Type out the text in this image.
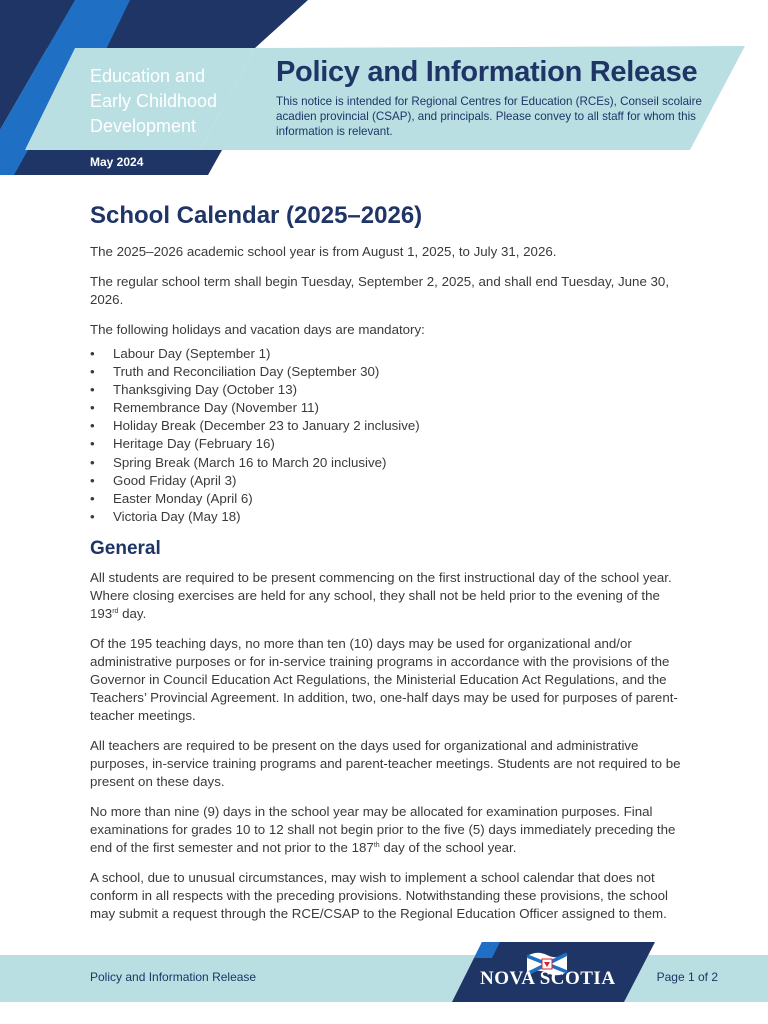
Education and Early Childhood Development
May 2024
Policy and Information Release

This notice is intended for Regional Centres for Education (RCEs), Conseil scolaire acadien provincial (CSAP), and principals. Please convey to all staff for whom this information is relevant.

School Calendar (2025–2026)

The 2025–2026 academic school year is from August 1, 2025, to July 31, 2026.

The regular school term shall begin Tuesday, September 2, 2025, and shall end Tuesday, June 30, 2026.

The following holidays and vacation days are mandatory:

• Labour Day (September 1)
• Truth and Reconciliation Day (September 30)
• Thanksgiving Day (October 13)
• Remembrance Day (November 11)
• Holiday Break (December 23 to January 2 inclusive)
• Heritage Day (February 16)
• Spring Break (March 16 to March 20 inclusive)
• Good Friday (April 3)
• Easter Monday (April 6)
• Victoria Day (May 18)
General

All students are required to be present commencing on the first instructional day of the school year. Where closing exercises are held for any school, they shall not be held prior to the evening of the 193rd day.

Of the 195 teaching days, no more than ten (10) days may be used for organizational and/or administrative purposes or for in-service training programs in accordance with the provisions of the Governor in Council Education Act Regulations, the Ministerial Education Act Regulations, and the Teachers’ Provincial Agreement. In addition, two, one-half days may be used for purposes of parent-teacher meetings.

All teachers are required to be present on the days used for organizational and administrative purposes, in-service training programs and parent-teacher meetings. Students are not required to be present on these days.

No more than nine (9) days in the school year may be allocated for examination purposes. Final examinations for grades 10 to 12 shall not begin prior to the five (5) days immediately preceding the end of the first semester and not prior to the 187th day of the school year.

A school, due to unusual circumstances, may wish to implement a school calendar that does not conform in all respects with the preceding provisions. Notwithstanding these provisions, the school may submit a request through the RCE/CSAP to the Regional Education Officer assigned to them.

Policy and Information Release	NOVA SCOTIA	Page 1 of 2
